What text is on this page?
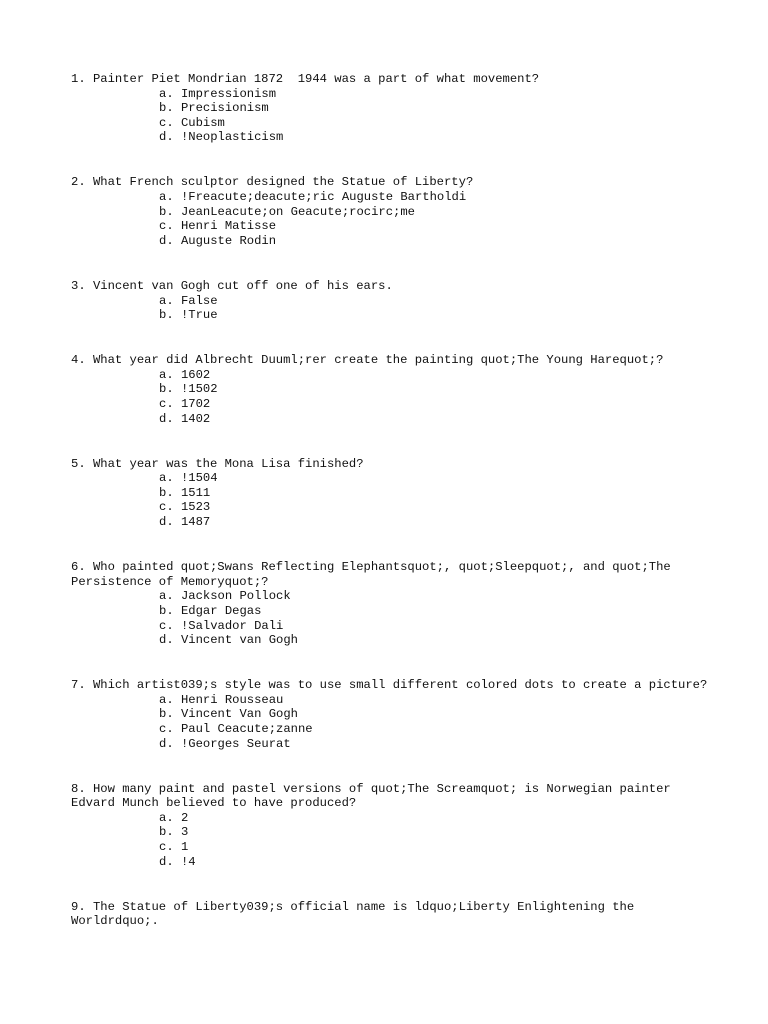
1. Painter Piet Mondrian 1872  1944 was a part of what movement?
a. Impressionism
b. Precisionism
c. Cubism
d. !Neoplasticism
2. What French sculptor designed the Statue of Liberty?
a. !Freacute;deacute;ric Auguste Bartholdi
b. JeanLeacute;on Geacute;rocirc;me
c. Henri Matisse
d. Auguste Rodin
3. Vincent van Gogh cut off one of his ears.
a. False
b. !True
4. What year did Albrecht Duuml;rer create the painting quot;The Young Harequot;?
a. 1602
b. !1502
c. 1702
d. 1402
5. What year was the Mona Lisa finished?
a. !1504
b. 1511
c. 1523
d. 1487
6. Who painted quot;Swans Reflecting Elephantsquot;, quot;Sleepquot;, and quot;The Persistence of Memoryquot;?
a. Jackson Pollock
b. Edgar Degas
c. !Salvador Dali
d. Vincent van Gogh
7. Which artist039;s style was to use small different colored dots to create a picture?
a. Henri Rousseau
b. Vincent Van Gogh
c. Paul Ceacute;zanne
d. !Georges Seurat
8. How many paint and pastel versions of quot;The Screamquot; is Norwegian painter Edvard Munch believed to have produced?
a. 2
b. 3
c. 1
d. !4
9. The Statue of Liberty039;s official name is ldquo;Liberty Enlightening the Worldrdquo;.
